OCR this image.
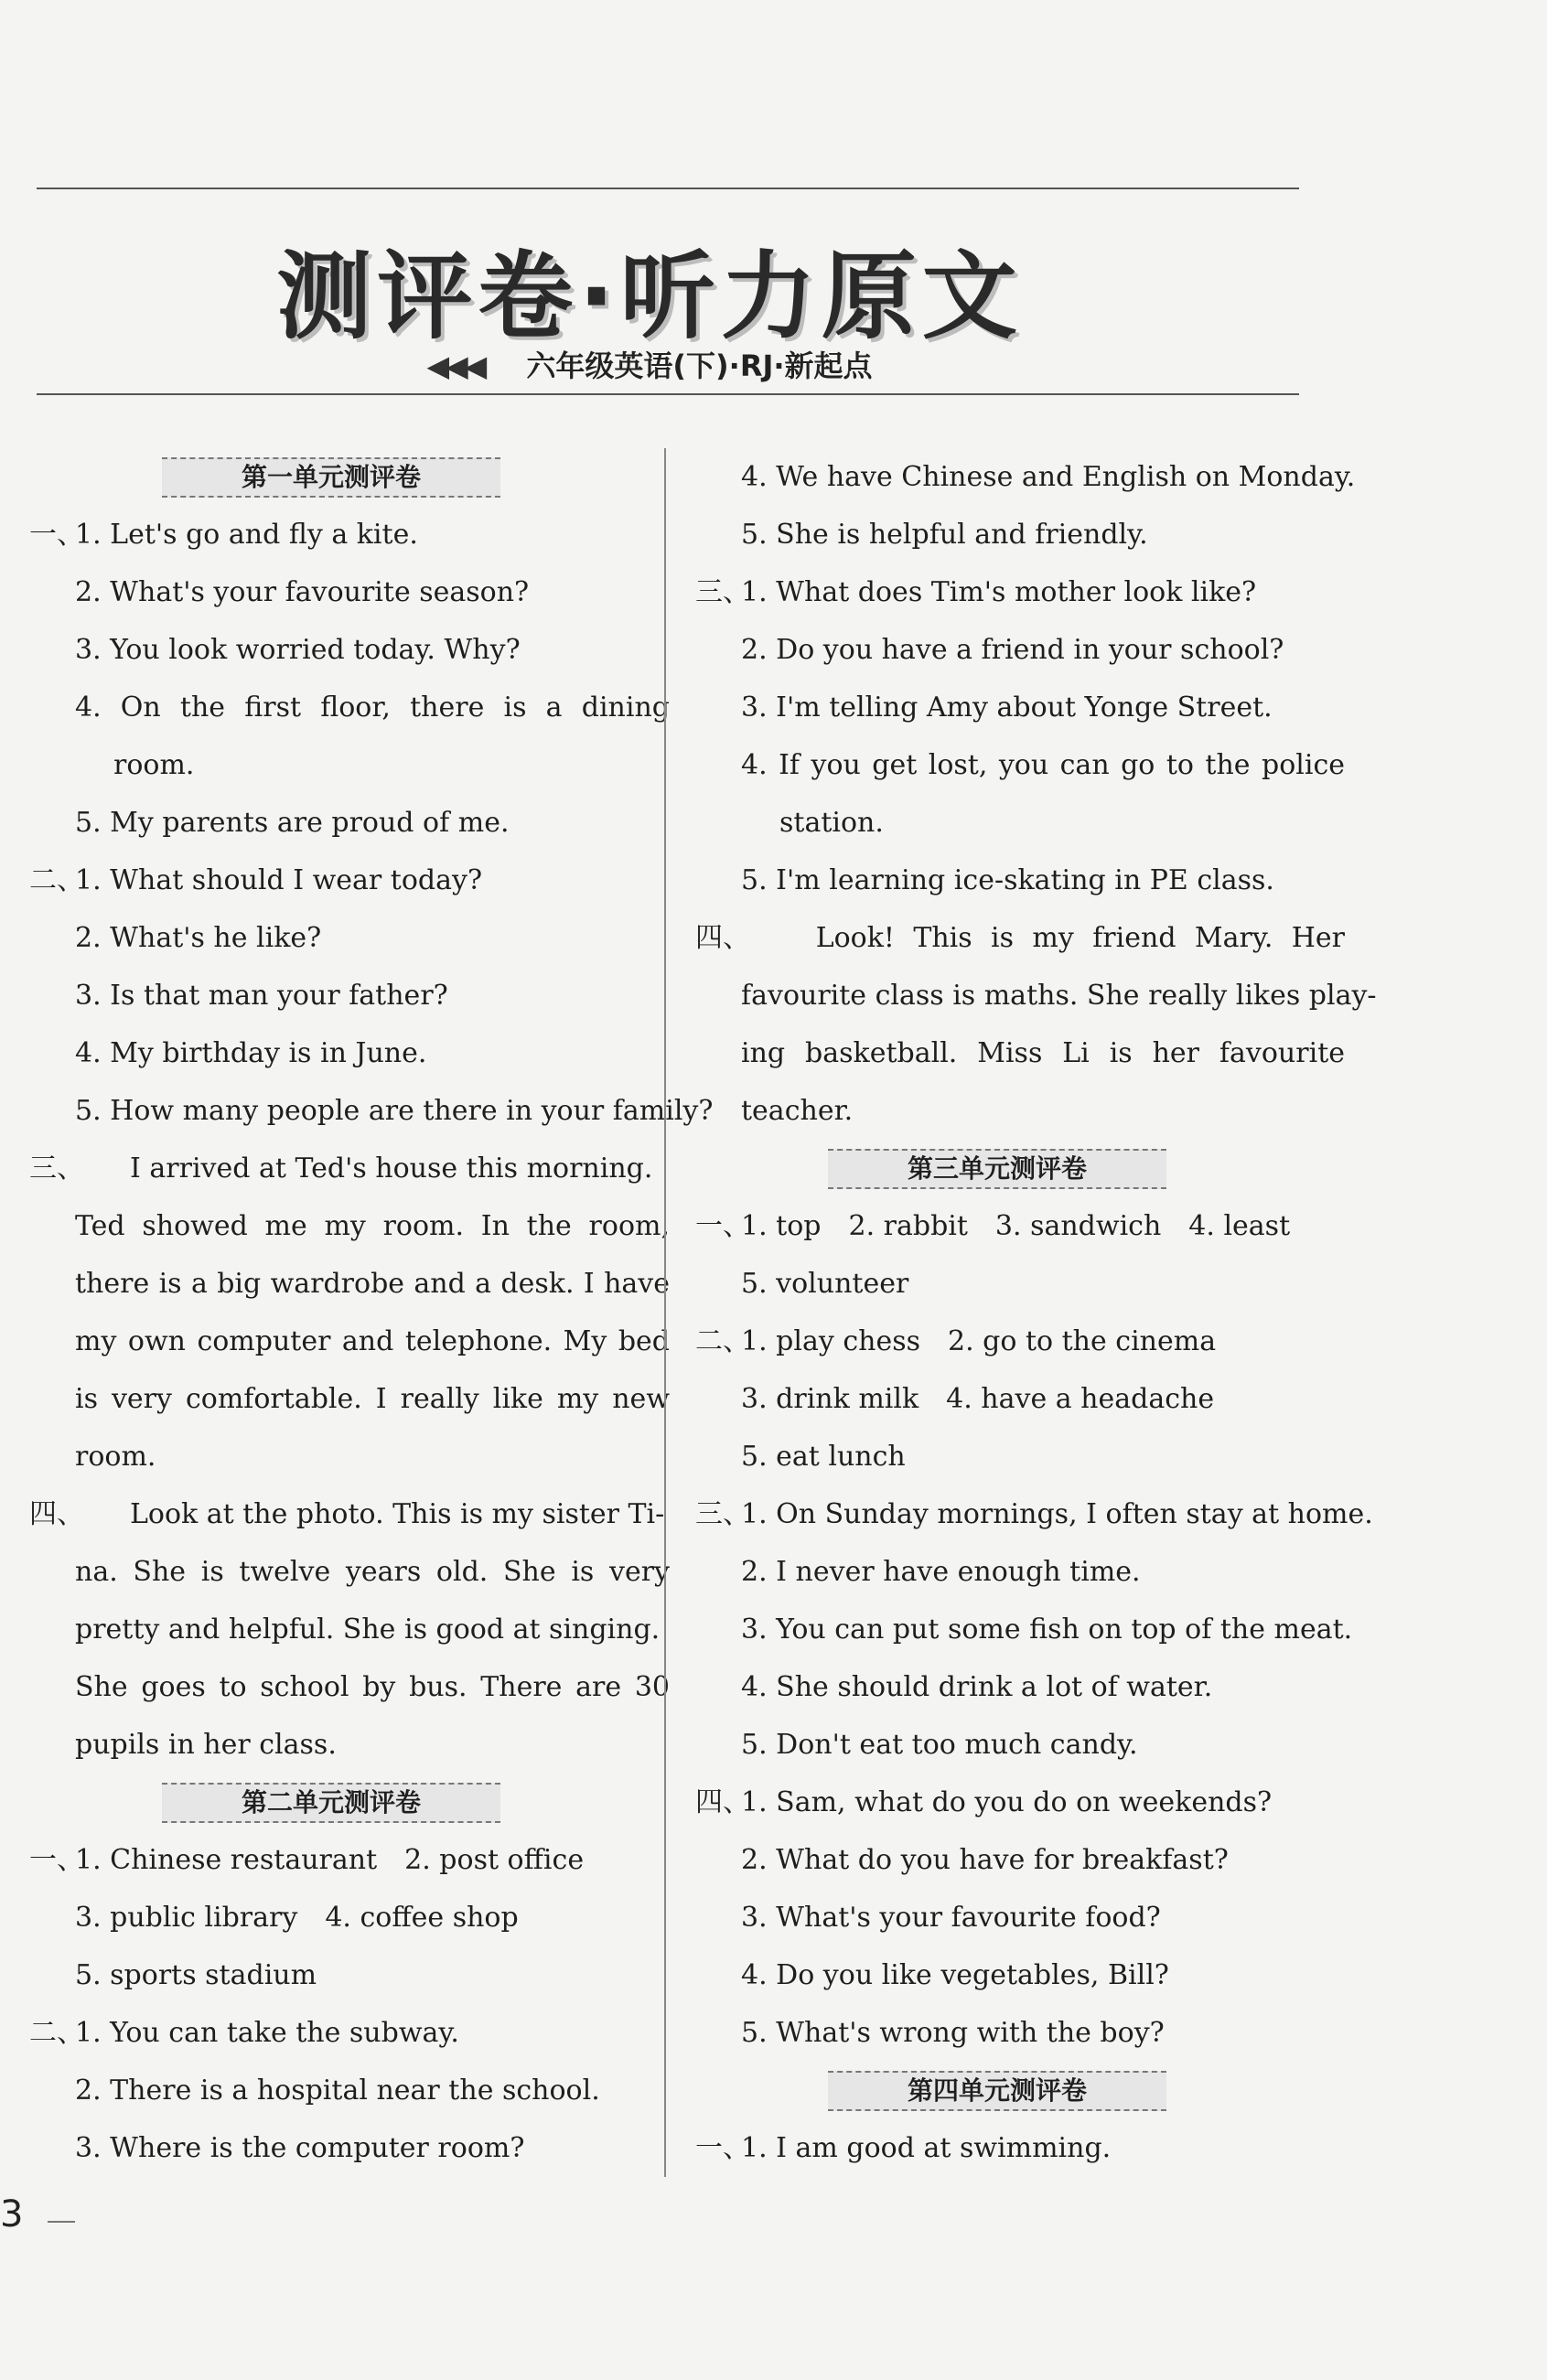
测评卷·听力原文
◀◀◀ 六年级英语(下)·RJ·新起点
第一单元测评卷
一、
1. Let's go and fly a kite.
2. What's your favourite season?
3. You look worried today. Why?
4. On the first floor, there is a dining
room.
5. My parents are proud of me.
二、
1. What should I wear today?
2. What's he like?
3. Is that man your father?
4. My birthday is in June.
5. How many people are there in your family?
三、
　　I arrived at Ted's house this morning.
Ted showed me my room. In the room,
there is a big wardrobe and a desk. I have
my own computer and telephone. My bed
is very comfortable. I really like my new
room.
四、
　　Look at the photo. This is my sister Ti-
na. She is twelve years old. She is very
pretty and helpful. She is good at singing.
She goes to school by bus. There are 30
pupils in her class.
第二单元测评卷
一、
1. Chinese restaurant　2. post office
3. public library　4. coffee shop
5. sports stadium
二、
1. You can take the subway.
2. There is a hospital near the school.
3. Where is the computer room?
4. We have Chinese and English on Monday.
5. She is helpful and friendly.
三、
1. What does Tim's mother look like?
2. Do you have a friend in your school?
3. I'm telling Amy about Yonge Street.
4. If you get lost, you can go to the police
station.
5. I'm learning ice-skating in PE class.
四、
　　Look! This is my friend Mary. Her
favourite class is maths. She really likes play-
ing basketball. Miss Li is her favourite
teacher.
第三单元测评卷
一、
1. top　2. rabbit　3. sandwich　4. least
5. volunteer
二、
1. play chess　2. go to the cinema
3. drink milk　4. have a headache
5. eat lunch
三、
1. On Sunday mornings, I often stay at home.
2. I never have enough time.
3. You can put some fish on top of the meat.
4. She should drink a lot of water.
5. Don't eat too much candy.
四、
1. Sam, what do you do on weekends?
2. What do you have for breakfast?
3. What's your favourite food?
4. Do you like vegetables, Bill?
5. What's wrong with the boy?
第四单元测评卷
一、
1. I am good at swimming.
3
